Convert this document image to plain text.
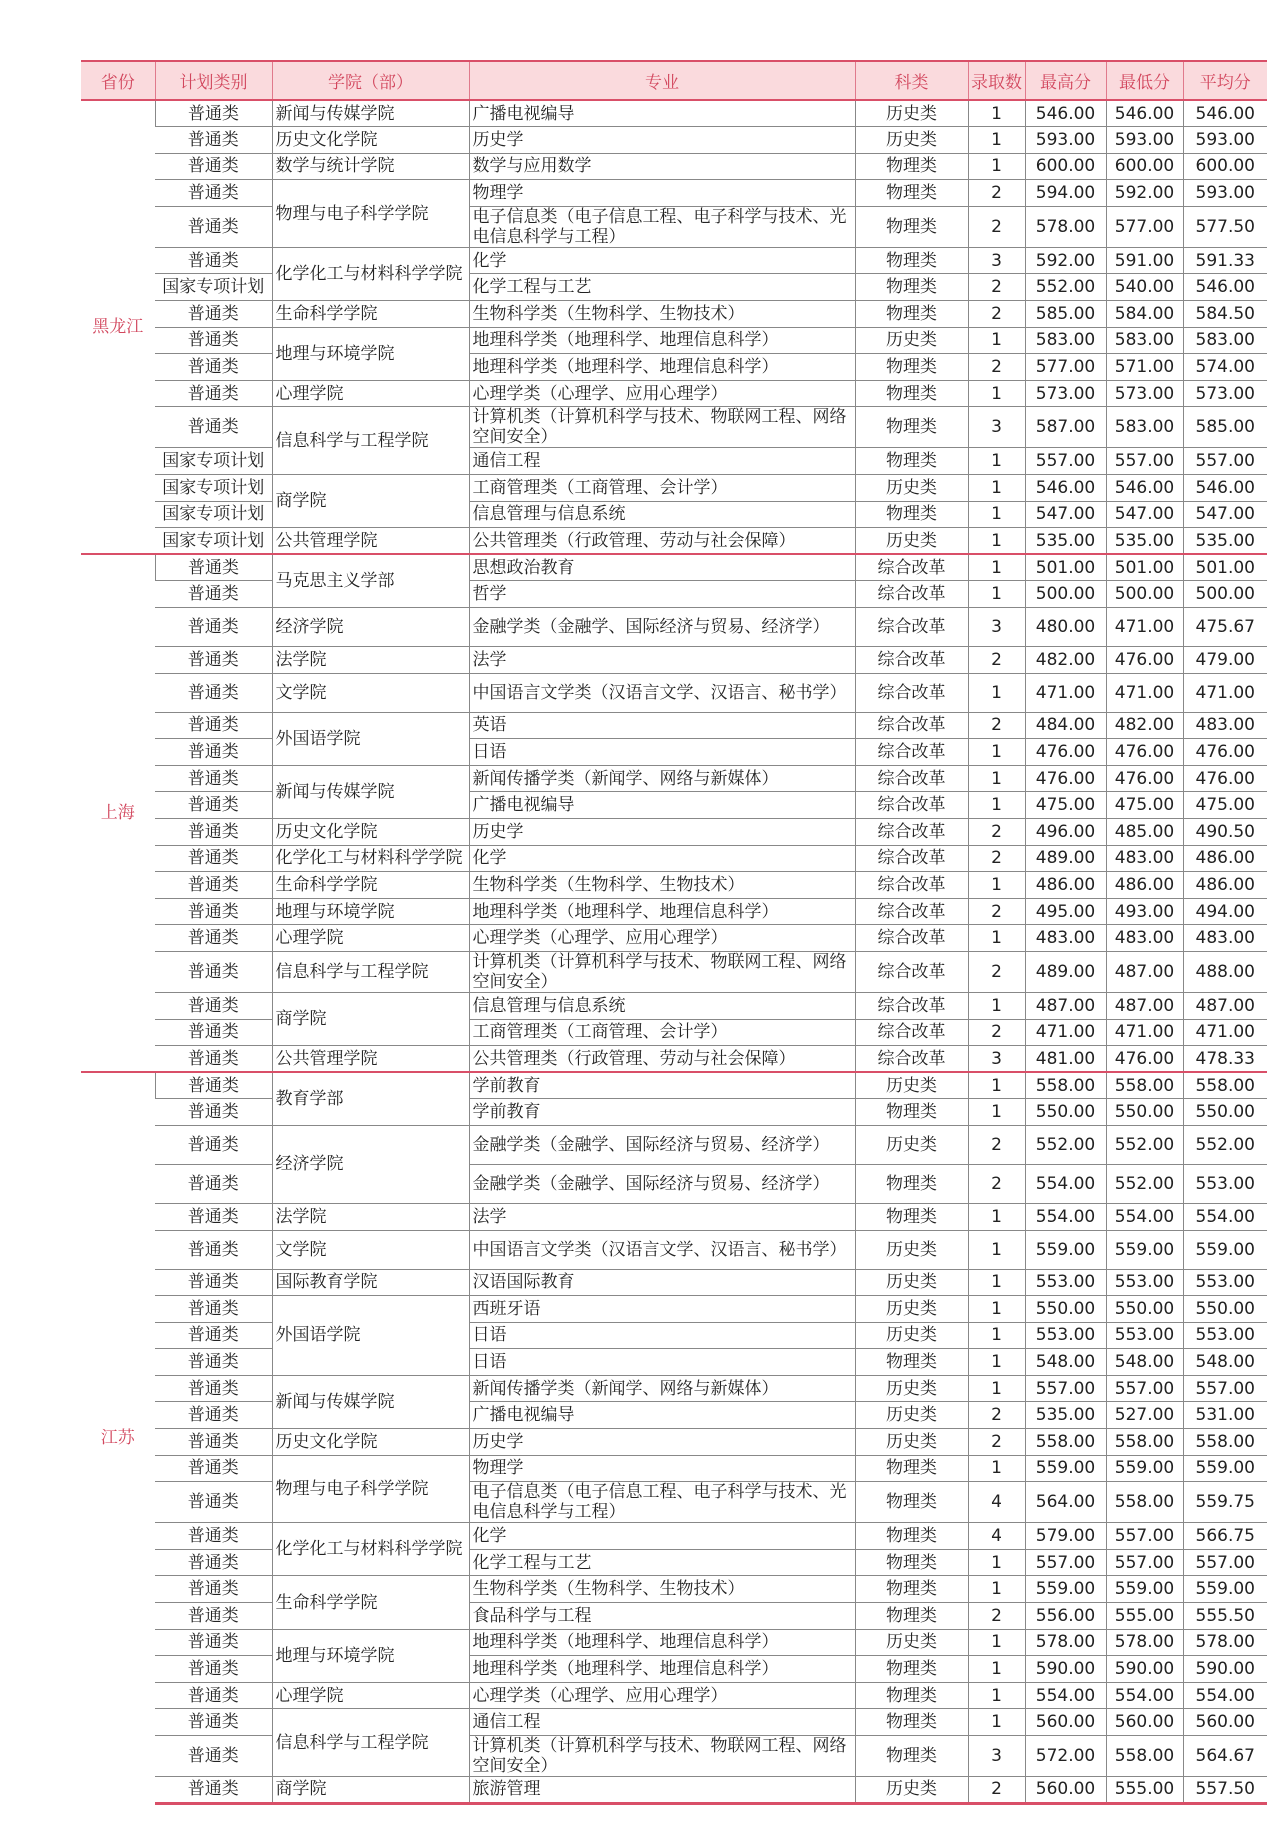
省份	计划类别	学院（部）	专业	科类	录取数	最高分	最低分	平均分
黑龙江	普通类	新闻与传媒学院	广播电视编导	历史类	1	546.00	546.00	546.00
	普通类	历史文化学院	历史学	历史类	1	593.00	593.00	593.00
	普通类	数学与统计学院	数学与应用数学	物理类	1	600.00	600.00	600.00
	普通类	物理与电子科学学院	物理学	物理类	2	594.00	592.00	593.00
	普通类		电子信息类（电子信息工程、电子科学与技术、光电信息科学与工程）	物理类	2	578.00	577.00	577.50
	普通类	化学化工与材料科学学院	化学	物理类	3	592.00	591.00	591.33
	国家专项计划		化学工程与工艺	物理类	2	552.00	540.00	546.00
	普通类	生命科学学院	生物科学类（生物科学、生物技术）	物理类	2	585.00	584.00	584.50
	普通类	地理与环境学院	地理科学类（地理科学、地理信息科学）	历史类	1	583.00	583.00	583.00
	普通类		地理科学类（地理科学、地理信息科学）	物理类	2	577.00	571.00	574.00
	普通类	心理学院	心理学类（心理学、应用心理学）	物理类	1	573.00	573.00	573.00
	普通类	信息科学与工程学院	计算机类（计算机科学与技术、物联网工程、网络空间安全）	物理类	3	587.00	583.00	585.00
	国家专项计划		通信工程	物理类	1	557.00	557.00	557.00
	国家专项计划	商学院	工商管理类（工商管理、会计学）	历史类	1	546.00	546.00	546.00
	国家专项计划		信息管理与信息系统	物理类	1	547.00	547.00	547.00
	国家专项计划	公共管理学院	公共管理类（行政管理、劳动与社会保障）	历史类	1	535.00	535.00	535.00
上海	普通类	马克思主义学部	思想政治教育	综合改革	1	501.00	501.00	501.00
	普通类		哲学	综合改革	1	500.00	500.00	500.00
	普通类	经济学院	金融学类（金融学、国际经济与贸易、经济学）	综合改革	3	480.00	471.00	475.67
	普通类	法学院	法学	综合改革	2	482.00	476.00	479.00
	普通类	文学院	中国语言文学类（汉语言文学、汉语言、秘书学）	综合改革	1	471.00	471.00	471.00
	普通类	外国语学院	英语	综合改革	2	484.00	482.00	483.00
	普通类		日语	综合改革	1	476.00	476.00	476.00
	普通类	新闻与传媒学院	新闻传播学类（新闻学、网络与新媒体）	综合改革	1	476.00	476.00	476.00
	普通类		广播电视编导	综合改革	1	475.00	475.00	475.00
	普通类	历史文化学院	历史学	综合改革	2	496.00	485.00	490.50
	普通类	化学化工与材料科学学院	化学	综合改革	2	489.00	483.00	486.00
	普通类	生命科学学院	生物科学类（生物科学、生物技术）	综合改革	1	486.00	486.00	486.00
	普通类	地理与环境学院	地理科学类（地理科学、地理信息科学）	综合改革	2	495.00	493.00	494.00
	普通类	心理学院	心理学类（心理学、应用心理学）	综合改革	1	483.00	483.00	483.00
	普通类	信息科学与工程学院	计算机类（计算机科学与技术、物联网工程、网络空间安全）	综合改革	2	489.00	487.00	488.00
	普通类	商学院	信息管理与信息系统	综合改革	1	487.00	487.00	487.00
	普通类		工商管理类（工商管理、会计学）	综合改革	2	471.00	471.00	471.00
	普通类	公共管理学院	公共管理类（行政管理、劳动与社会保障）	综合改革	3	481.00	476.00	478.33
江苏	普通类	教育学部	学前教育	历史类	1	558.00	558.00	558.00
	普通类		学前教育	物理类	1	550.00	550.00	550.00
	普通类	经济学院	金融学类（金融学、国际经济与贸易、经济学）	历史类	2	552.00	552.00	552.00
	普通类		金融学类（金融学、国际经济与贸易、经济学）	物理类	2	554.00	552.00	553.00
	普通类	法学院	法学	物理类	1	554.00	554.00	554.00
	普通类	文学院	中国语言文学类（汉语言文学、汉语言、秘书学）	历史类	1	559.00	559.00	559.00
	普通类	国际教育学院	汉语国际教育	历史类	1	553.00	553.00	553.00
	普通类	外国语学院	西班牙语	历史类	1	550.00	550.00	550.00
	普通类		日语	历史类	1	553.00	553.00	553.00
	普通类		日语	物理类	1	548.00	548.00	548.00
	普通类	新闻与传媒学院	新闻传播学类（新闻学、网络与新媒体）	历史类	1	557.00	557.00	557.00
	普通类		广播电视编导	历史类	2	535.00	527.00	531.00
	普通类	历史文化学院	历史学	历史类	2	558.00	558.00	558.00
	普通类	物理与电子科学学院	物理学	物理类	1	559.00	559.00	559.00
	普通类		电子信息类（电子信息工程、电子科学与技术、光电信息科学与工程）	物理类	4	564.00	558.00	559.75
	普通类	化学化工与材料科学学院	化学	物理类	4	579.00	557.00	566.75
	普通类		化学工程与工艺	物理类	1	557.00	557.00	557.00
	普通类	生命科学学院	生物科学类（生物科学、生物技术）	物理类	1	559.00	559.00	559.00
	普通类		食品科学与工程	物理类	2	556.00	555.00	555.50
	普通类	地理与环境学院	地理科学类（地理科学、地理信息科学）	历史类	1	578.00	578.00	578.00
	普通类		地理科学类（地理科学、地理信息科学）	物理类	1	590.00	590.00	590.00
	普通类	心理学院	心理学类（心理学、应用心理学）	物理类	1	554.00	554.00	554.00
	普通类	信息科学与工程学院	通信工程	物理类	1	560.00	560.00	560.00
	普通类		计算机类（计算机科学与技术、物联网工程、网络空间安全）	物理类	3	572.00	558.00	564.67
	普通类	商学院	旅游管理	历史类	2	560.00	555.00	557.50
